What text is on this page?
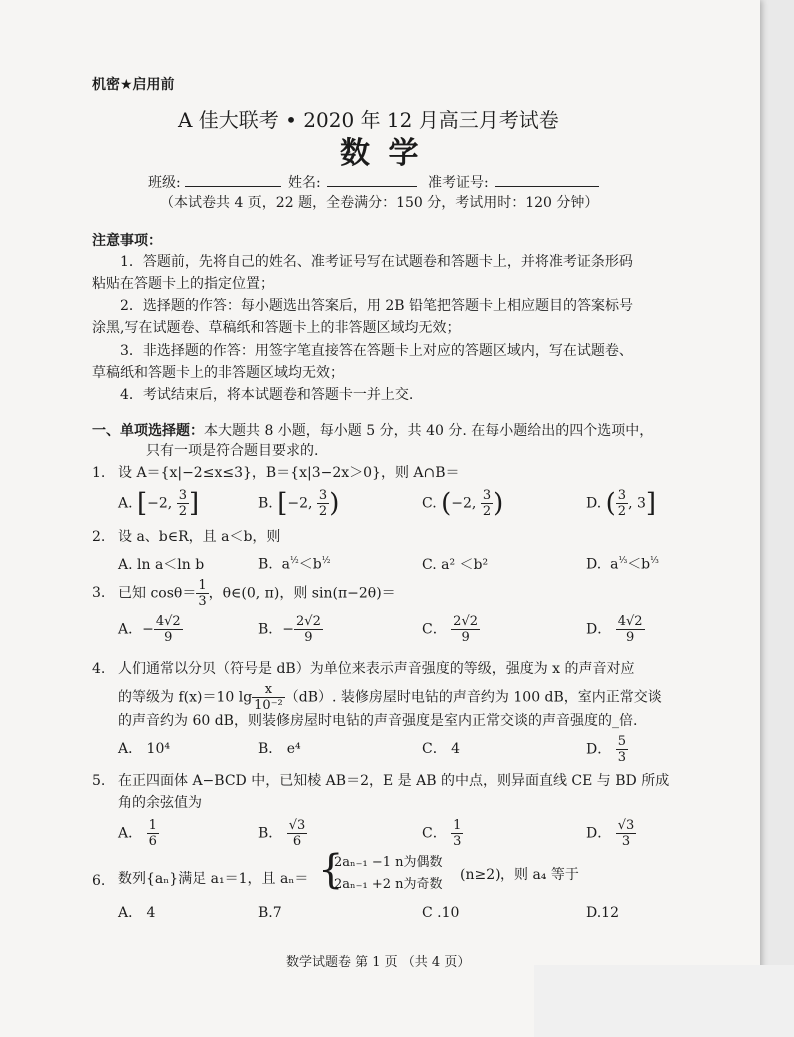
机密★启用前
A 佳大联考 • 2020 年 12 月高三月考试卷
数 学
班级:	姓名:	准考证号:
（本试卷共 4 页，22 题，全卷满分：150 分，考试用时：120 分钟）
注意事项：
1．答题前，先将自己的姓名、准考证号写在试题卷和答题卡上，并将准考证条形码
粘贴在答题卡上的指定位置；
2．选择题的作答：每小题选出答案后，用 2B 铅笔把答题卡上相应题目的答案标号
涂黑,写在试题卷、草稿纸和答题卡上的非答题区域均无效；
3．非选择题的作答：用签字笔直接答在答题卡上对应的答题区域内，写在试题卷、
草稿纸和答题卡上的非答题区域均无效；
4．考试结束后，将本试题卷和答题卡一并上交.
一、单项选择题：本大题共 8 小题，每小题 5 分，共 40 分. 在每小题给出的四个选项中，
只有一项是符合题目要求的.
1. 设 A＝{x|−2≤x≤3}，B＝{x|3−2x＞0}，则 A∩B＝
A. [−2, $\frac{3}{2}$ ]	B. [−2, $\frac{3}{2}$ )	C. (−2, $\frac{3}{2}$ )	D. ( $\frac{3}{2}$ , 3]
2. 设 a、b∈R，且 a＜b，则
A. ln a＜ln b	B. $a^{\frac{1}{2}}<b^{\frac{1}{2}}$	C. a² ＜b²	D. $a^{\frac{1}{3}}<b^{\frac{1}{3}}$
3. 已知 $\cos\theta= \frac{1}{3}$ ，θ∈(0, π)，则 sin(π−2θ)＝
A．− $\frac{4√2}{9}$	B．− $\frac{2√2}{9}$	C． $\frac{2√2}{9}$	D． $\frac{4√2}{9}$
4. 人们通常以分贝（符号是 dB）为单位来表示声音强度的等级，强度为 x 的声音对应
的等级为 f(x)＝10 $\lg \frac{x}{\text{10⁻²}} (dB)$. 装修房屋时电钻的声音约为 100 dB，室内正常交谈
的声音约为 60 dB，则装修房屋时电钻的声音强度是室内正常交谈的声音强度的_倍.
A． 10⁴	B． e⁴	C． 4	D． $\frac{5}{3}$
5. 在正四面体 A−BCD 中，已知棱 AB＝2，E 是 AB 的中点，则异面直线 CE 与 BD 所成
角的余弦值为
A． $\frac{1}{6}$	B． $\frac{√3}{6}$	C． $\frac{1}{3}$	D． $\frac{√3}{3}$
6. 数列{aₙ}满足 a₁＝1，且 aₙ＝ {
2aₙ₋₁ −1 n为偶数
2aₙ₋₁ +2 n为奇数
(n≥2) ，则 a₄ 等于
A． 4	B.7	C .10	D.12
数学试题卷 第 1 页 （共 4 页）
